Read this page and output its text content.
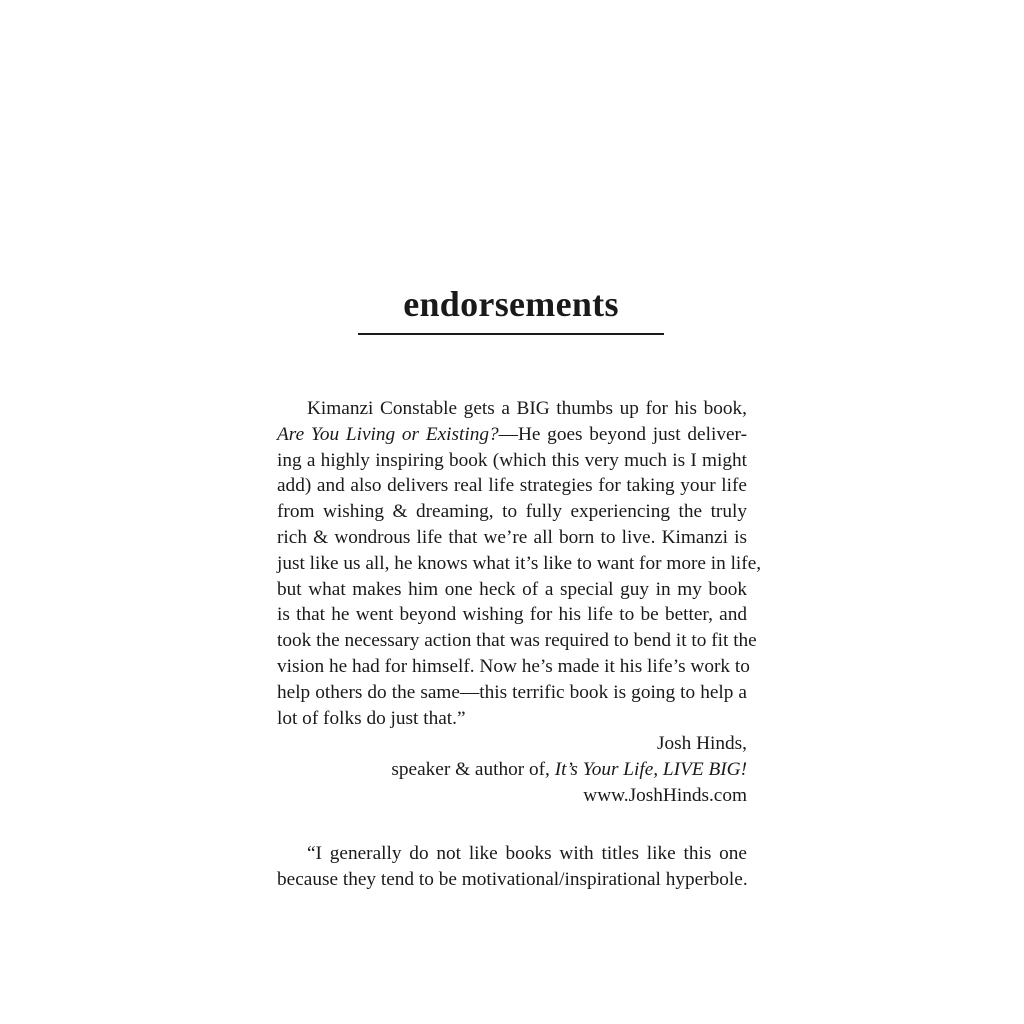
endorsements

Kimanzi Constable gets a BIG thumbs up for his book,
Are You Living or Existing?—He goes beyond just deliver-
ing a highly inspiring book (which this very much is I might
add) and also delivers real life strategies for taking your life
from wishing & dreaming, to fully experiencing the truly
rich & wondrous life that we’re all born to live. Kimanzi is
just like us all, he knows what it’s like to want for more in life,
but what makes him one heck of a special guy in my book
is that he went beyond wishing for his life to be better, and
took the necessary action that was required to bend it to fit the
vision he had for himself. Now he’s made it his life’s work to
help others do the same—this terrific book is going to help a
lot of folks do just that.”

Josh Hinds,
speaker & author of, It’s Your Life, LIVE BIG!
www.JoshHinds.com

“I generally do not like books with titles like this one
because they tend to be motivational/inspirational hyperbole.
